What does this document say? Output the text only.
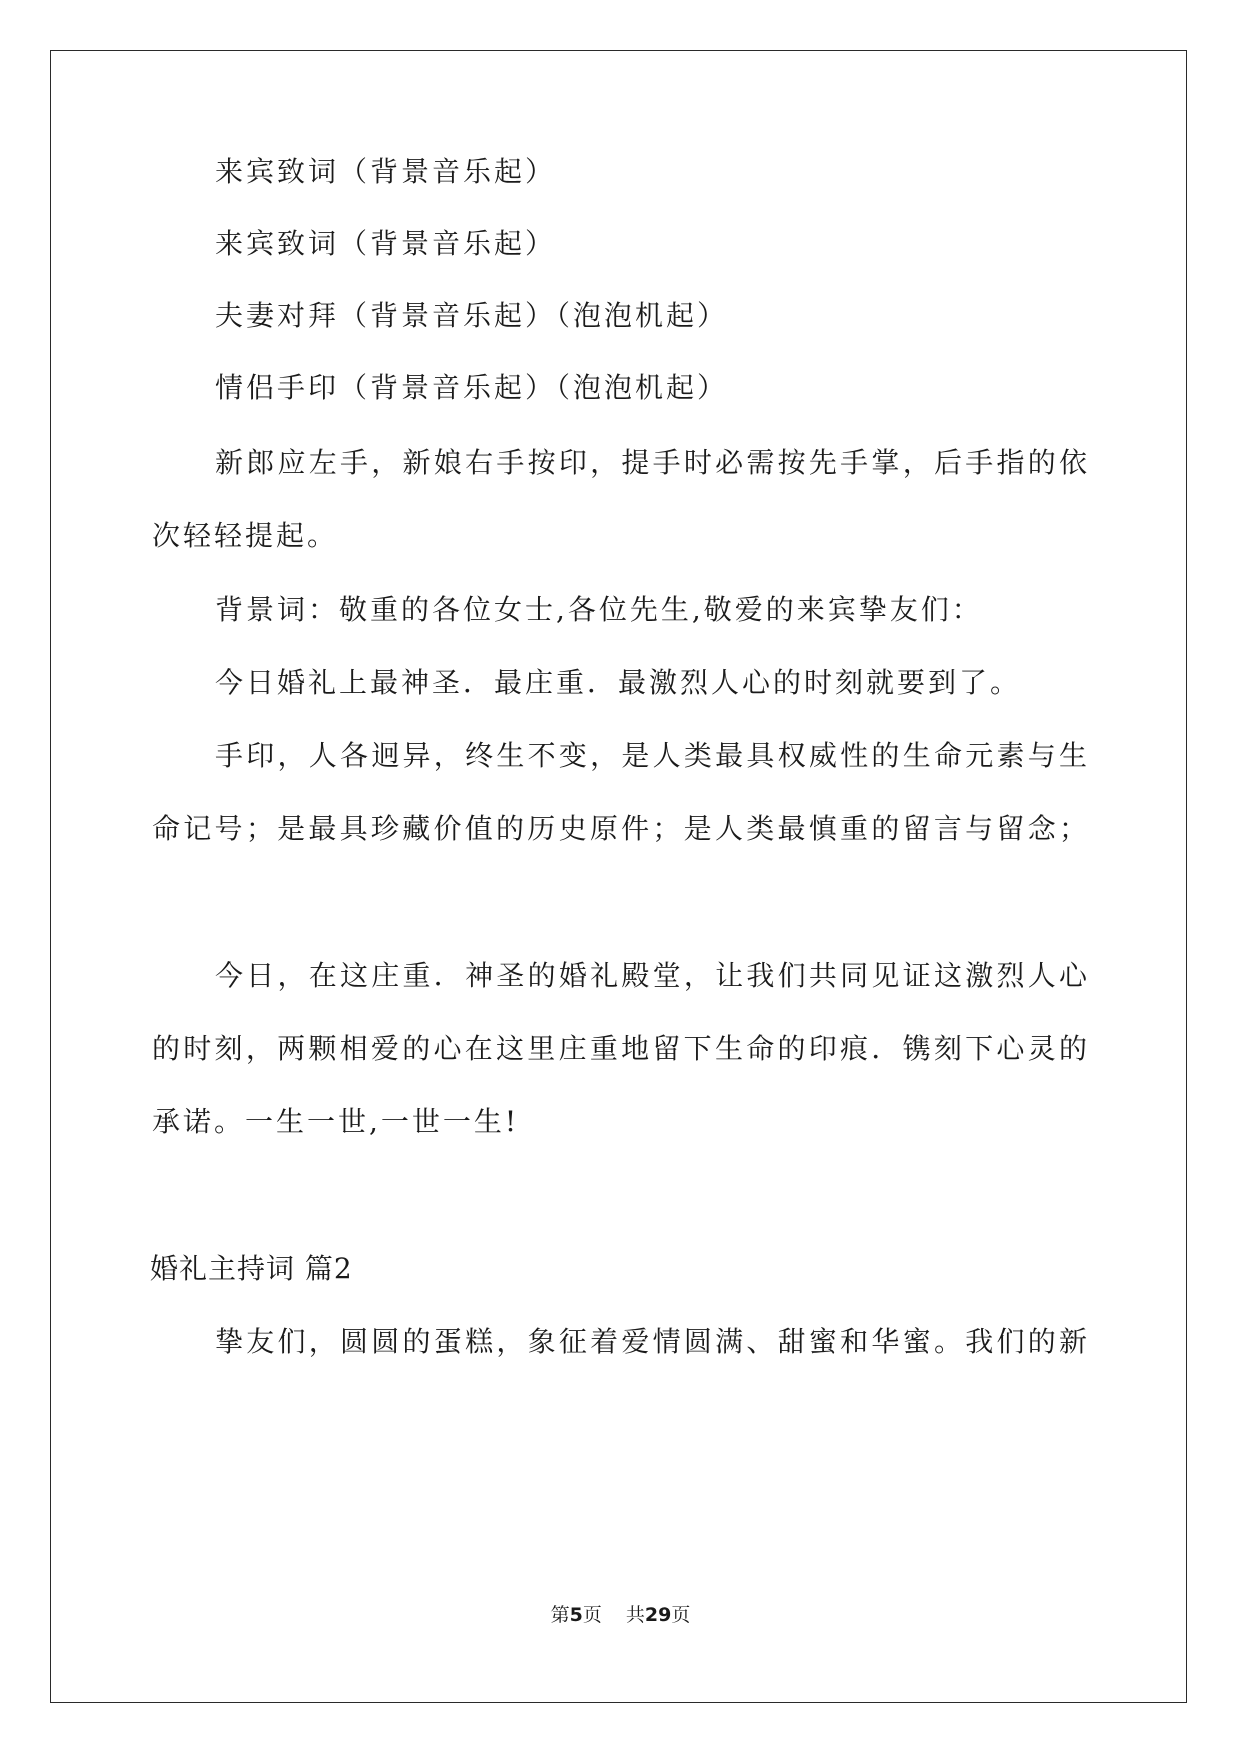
来宾致词（背景音乐起）
来宾致词（背景音乐起）
夫妻对拜（背景音乐起）（泡泡机起）
情侣手印（背景音乐起）（泡泡机起）
新郎应左手，新娘右手按印，提手时必需按先手掌，后手指的依
次轻轻提起。
背景词：敬重的各位女士,各位先生,敬爱的来宾挚友们：
今日婚礼上最神圣．最庄重．最激烈人心的时刻就要到了。
手印，人各迥异，终生不变，是人类最具权威性的生命元素与生
命记号；是最具珍藏价值的历史原件；是人类最慎重的留言与留念；
今日，在这庄重．神圣的婚礼殿堂，让我们共同见证这激烈人心
的时刻，两颗相爱的心在这里庄重地留下生命的印痕．镌刻下心灵的
承诺。一生一世,一世一生!
婚礼主持词 篇2
挚友们，圆圆的蛋糕，象征着爱情圆满、甜蜜和华蜜。我们的新
第5页 共29页
